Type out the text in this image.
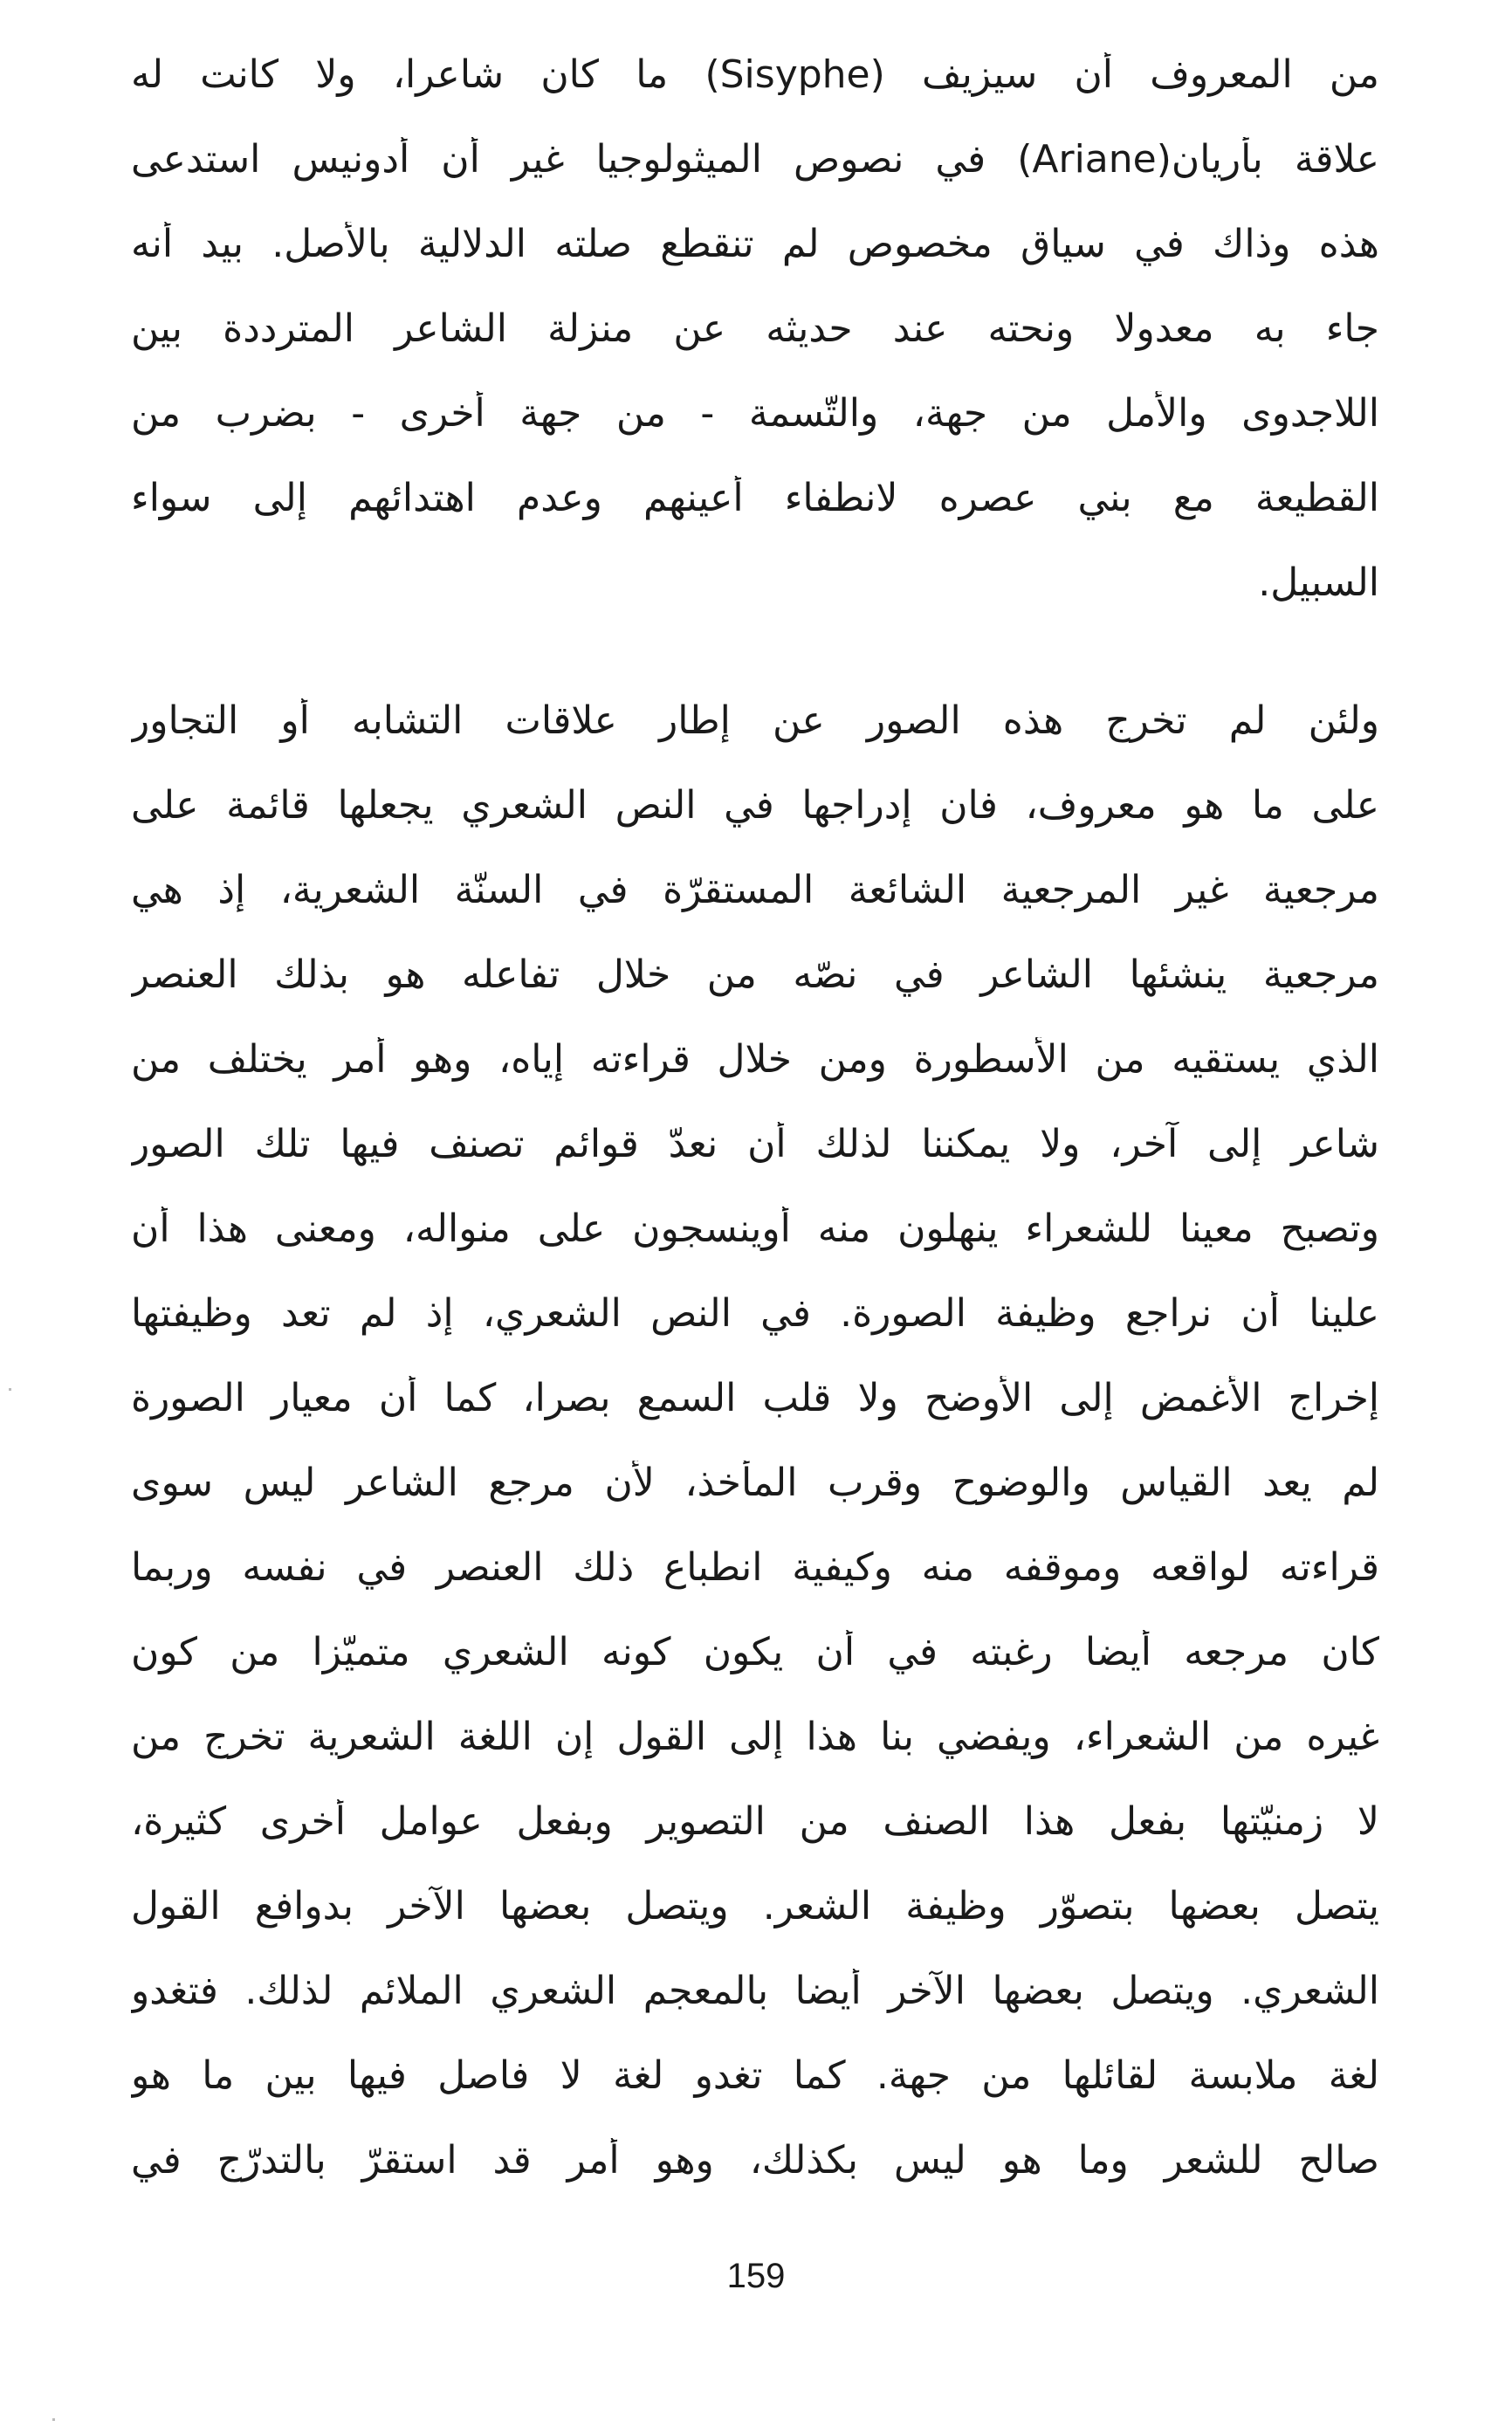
من المعروف أن سيزيف (Sisyphe) ما كان شاعرا، ولا كانت له
علاقة بأريان(Ariane) في نصوص الميثولوجيا غير أن أدونيس استدعى
هذه وذاك في سياق مخصوص لم تنقطع صلته الدلالية بالأصل. بيد أنه
جاء به معدولا ونحته عند حديثه عن منزلة الشاعر المترددة بين
اللاجدوى والأمل من جهة، والتّسمة - من جهة أخرى - بضرب من
القطيعة مع بني عصره لانطفاء أعينهم وعدم اهتدائهم إلى سواء
السبيل.
ولئن لم تخرج هذه الصور عن إطار علاقات التشابه أو التجاور
على ما هو معروف، فان إدراجها في النص الشعري يجعلها قائمة على
مرجعية غير المرجعية الشائعة المستقرّة في السنّة الشعرية، إذ هي
مرجعية ينشئها الشاعر في نصّه من خلال تفاعله هو بذلك العنصر
الذي يستقيه من الأسطورة ومن خلال قراءته إياه، وهو أمر يختلف من
شاعر إلى آخر، ولا يمكننا لذلك أن نعدّ قوائم تصنف فيها تلك الصور
وتصبح معينا للشعراء ينهلون منه أوينسجون على منواله، ومعنى هذا أن
علينا أن نراجع وظيفة الصورة. في النص الشعري، إذ لم تعد وظيفتها
إخراج الأغمض إلى الأوضح ولا قلب السمع بصرا، كما أن معيار الصورة
لم يعد القياس والوضوح وقرب المأخذ، لأن مرجع الشاعر ليس سوى
قراءته لواقعه وموقفه منه وكيفية انطباع ذلك العنصر في نفسه وربما
كان مرجعه أيضا رغبته في أن يكون كونه الشعري متميّزا من كون
غيره من الشعراء، ويفضي بنا هذا إلى القول إن اللغة الشعرية تخرج من
لا زمنيّتها بفعل هذا الصنف من التصوير وبفعل عوامل أخرى كثيرة،
يتصل بعضها بتصوّر وظيفة الشعر. ويتصل بعضها الآخر بدوافع القول
الشعري. ويتصل بعضها الآخر أيضا بالمعجم الشعري الملائم لذلك. فتغدو
لغة ملابسة لقائلها من جهة. كما تغدو لغة لا فاصل فيها بين ما هو
صالح للشعر وما هو ليس بكذلك، وهو أمر قد استقرّ بالتدرّج في
159
